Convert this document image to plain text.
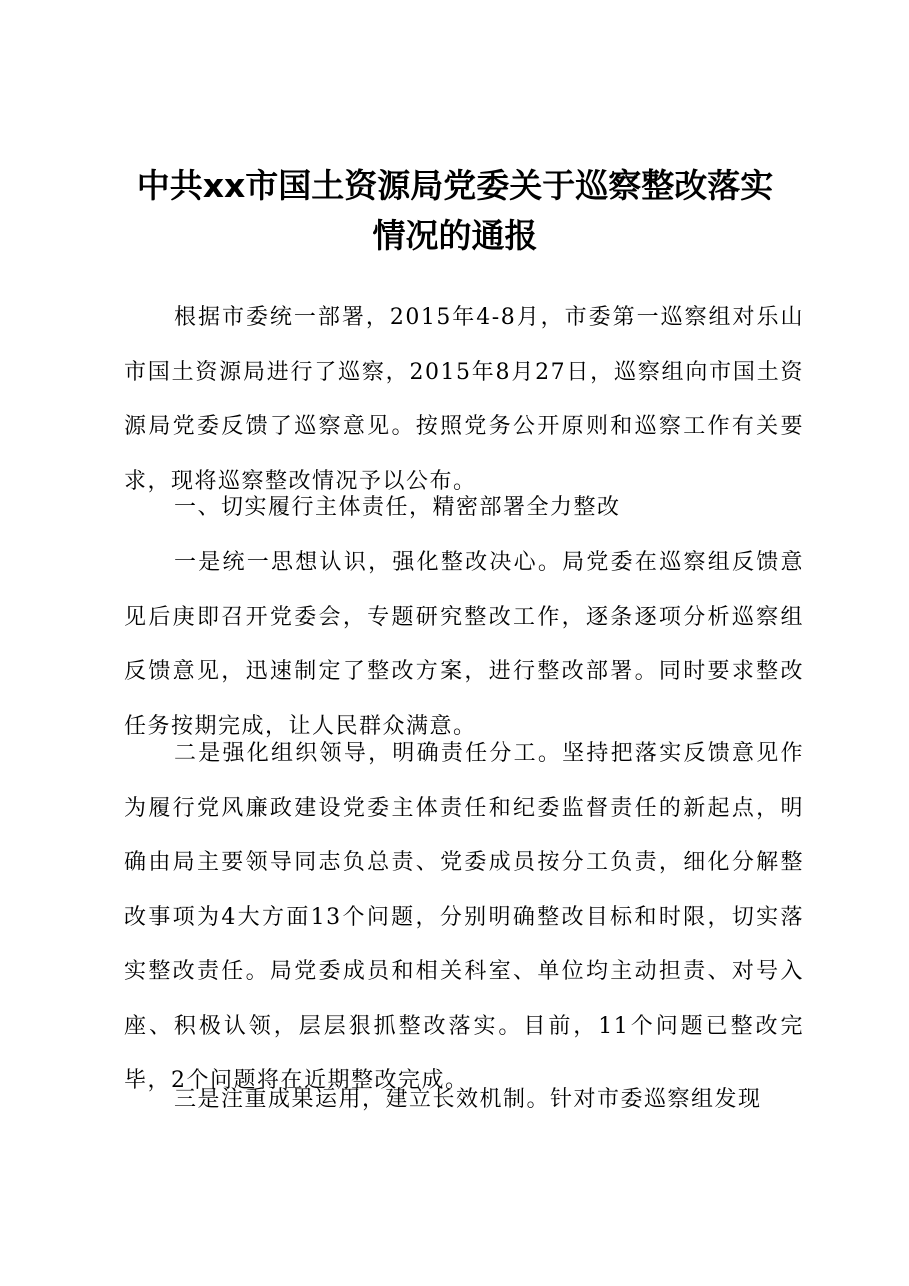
中共xx市国土资源局党委关于巡察整改落实
情况的通报

根据市委统一部署，2015年4-8月，市委第一巡察组对乐山市国土资源局进行了巡察，2015年8月27日，巡察组向市国土资源局党委反馈了巡察意见。按照党务公开原则和巡察工作有关要求，现将巡察整改情况予以公布。

一、切实履行主体责任，精密部署全力整改

一是统一思想认识，强化整改决心。局党委在巡察组反馈意见后庚即召开党委会，专题研究整改工作，逐条逐项分析巡察组反馈意见，迅速制定了整改方案，进行整改部署。同时要求整改任务按期完成，让人民群众满意。

二是强化组织领导，明确责任分工。坚持把落实反馈意见作为履行党风廉政建设党委主体责任和纪委监督责任的新起点，明确由局主要领导同志负总责、党委成员按分工负责，细化分解整改事项为4大方面13个问题，分别明确整改目标和时限，切实落实整改责任。局党委成员和相关科室、单位均主动担责、对号入座、积极认领，层层狠抓整改落实。目前，11个问题已整改完毕，2个问题将在近期整改完成。

三是注重成果运用，建立长效机制。针对市委巡察组发现
